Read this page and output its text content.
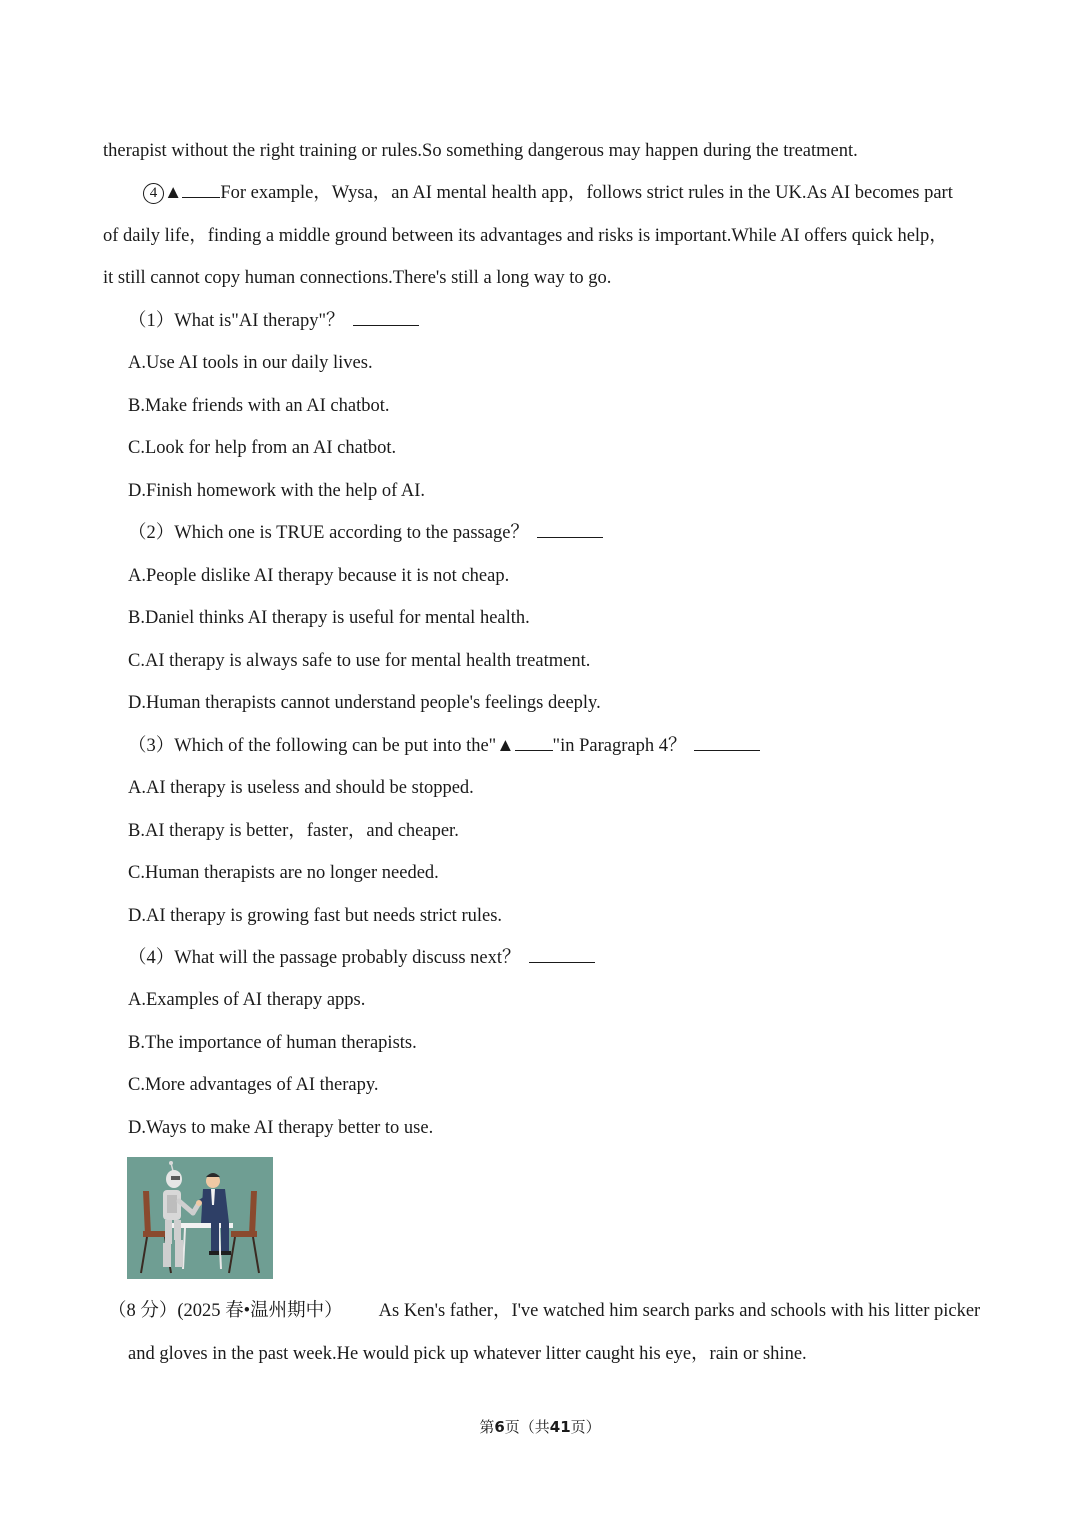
therapist without the right training or rules.So something dangerous may happen during the treatment.
4 ▲ For example，Wysa，an AI mental health app，follows strict rules in the UK.As AI becomes part
of daily life，finding a middle ground between its advantages and risks is important.While AI offers quick help，
it still cannot copy human connections.There's still a long way to go.
（1）What is"AI therapy"？
A.Use AI tools in our daily lives.
B.Make friends with an AI chatbot.
C.Look for help from an AI chatbot.
D.Finish homework with the help of AI.
（2）Which one is TRUE according to the passage？
A.People dislike AI therapy because it is not cheap.
B.Daniel thinks AI therapy is useful for mental health.
C.AI therapy is always safe to use for mental health treatment.
D.Human therapists cannot understand people's feelings deeply.
（3）Which of the following can be put into the"▲ "in Paragraph 4？
A.AI therapy is useless and should be stopped.
B.AI therapy is better，faster，and cheaper.
C.Human therapists are no longer needed.
D.AI therapy is growing fast but needs strict rules.
（4）What will the passage probably discuss next？
A.Examples of AI therapy apps.
B.The importance of human therapists.
C.More advantages of AI therapy.
D.Ways to make AI therapy better to use.
（8 分）(2025 春•温州期中） As Ken's father，I've watched him search parks and schools with his litter picker
and gloves in the past week.He would pick up whatever litter caught his eye，rain or shine.
第6页（共41页）
